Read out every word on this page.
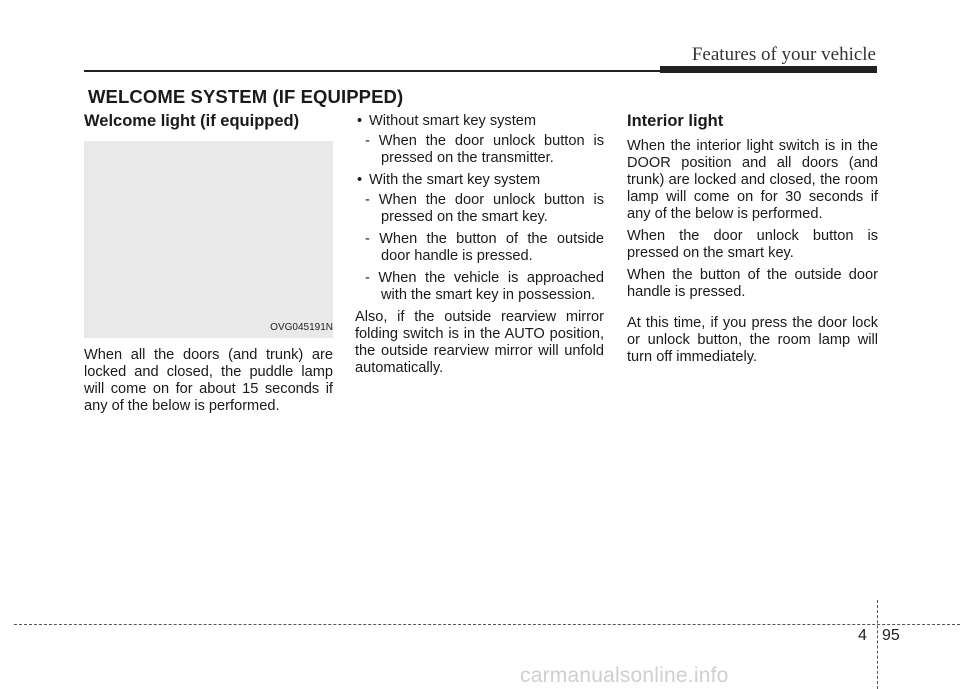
Features of your vehicle
WELCOME SYSTEM (IF EQUIPPED)
Welcome light (if equipped)
OVG045191N

When all the doors (and trunk) are locked and closed, the puddle lamp will come on for about 15 seconds if any of the below is performed.

• Without smart key system

- When the door unlock button is pressed on the transmitter.

• With the smart key system

- When the door unlock button is pressed on the smart key.

- When the button of the outside door handle is pressed.

- When the vehicle is approached with the smart key in possession.

Also, if the outside rearview mirror folding switch is in the AUTO position, the outside rearview mirror will unfold automatically.

Interior light

When the interior light switch is in the DOOR position and all doors (and trunk) are locked and closed, the room lamp will come on for 30 seconds if any of the below is performed.

When the door unlock button is pressed on the smart key.

When the button of the outside door handle is pressed.

At this time, if you press the door lock or unlock button, the room lamp will turn off immediately.

4 95
carmanualsonline.info
